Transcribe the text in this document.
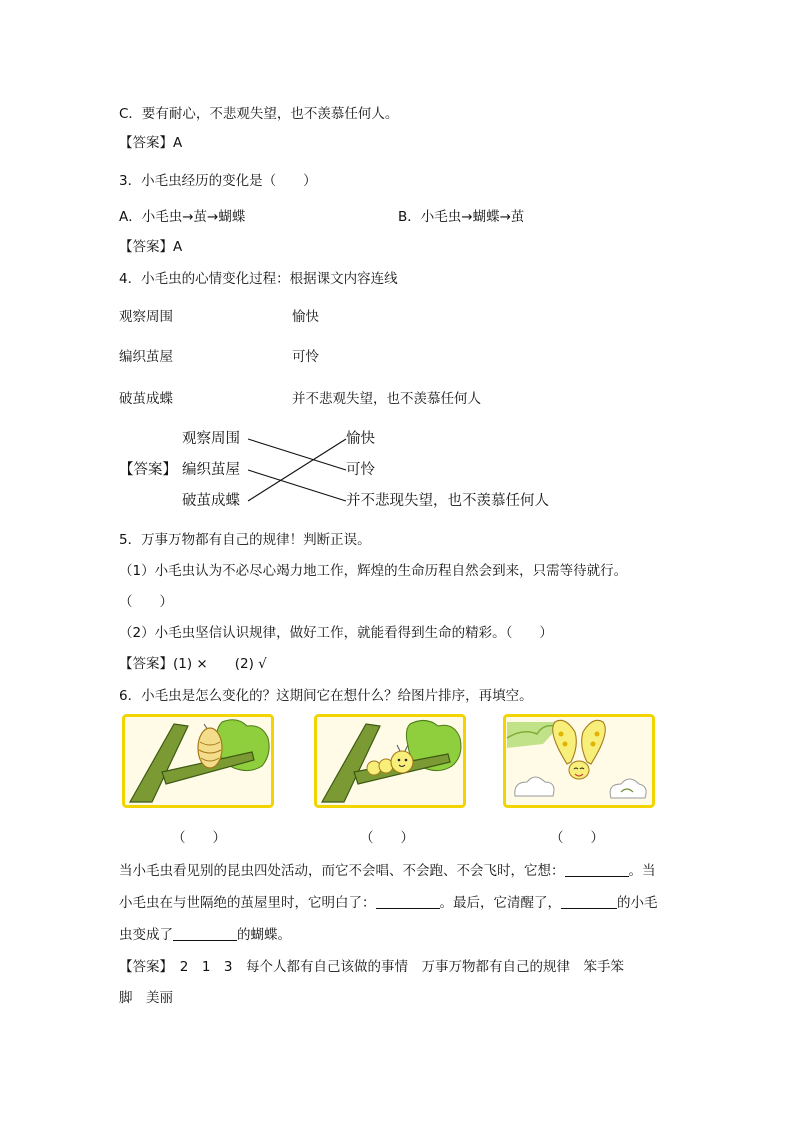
C．要有耐心，不悲观失望，也不羡慕任何人。
【答案】A
3．小毛虫经历的变化是（　　）
A．小毛虫→茧→蝴蝶	B．小毛虫→蝴蝶→茧
【答案】A
4．小毛虫的心情变化过程：根据课文内容连线
观察周围	愉快
编织茧屋	可怜
破茧成蝶	并不悲观失望，也不羡慕任何人
【答案】
观察周围
编织茧屋
破茧成蝶
愉快
可怜
并不悲现失望，也不羡慕任何人
5．万事万物都有自己的规律！判断正误。
（1）小毛虫认为不必尽心竭力地工作，辉煌的生命历程自然会到来，只需等待就行。
（　　）
（2）小毛虫坚信认识规律，做好工作，就能看得到生命的精彩。（　　）
【答案】(1) ×　　(2) √
6．小毛虫是怎么变化的？这期间它在想什么？给图片排序，再填空。
（　　）	（　　）	（　　）
当小毛虫看见别的昆虫四处活动，而它不会唱、不会跑、不会飞时，它想：	。当
小毛虫在与世隔绝的茧屋里时，它明白了：	。最后，它清醒了，	的小毛
虫变成了	的蝴蝶。
【答案】　2　1　3　每个人都有自己该做的事情　万事万物都有自己的规律　笨手笨
脚　美丽
